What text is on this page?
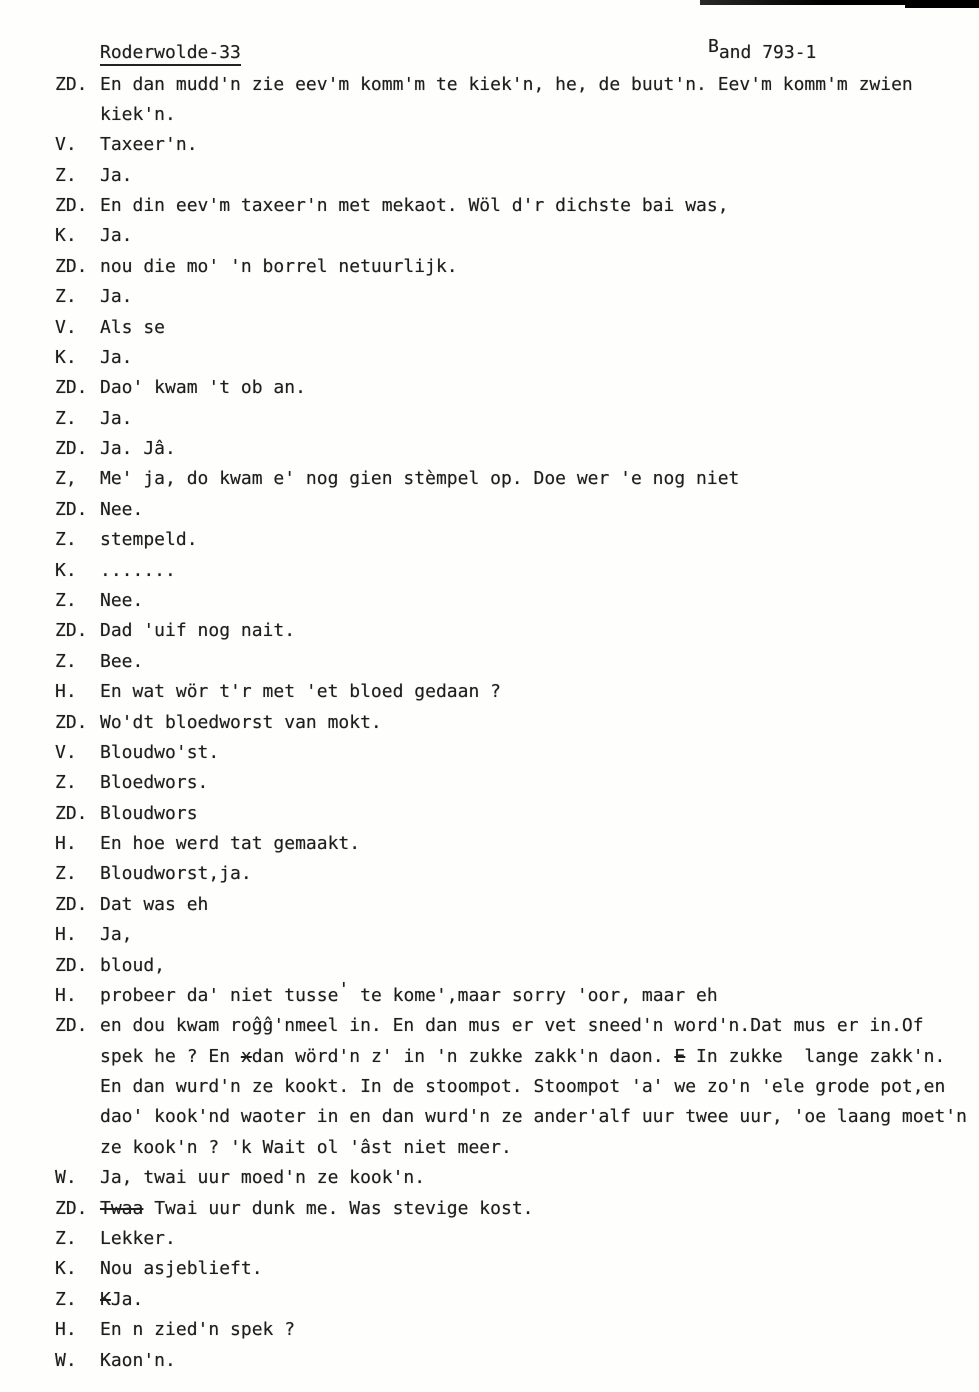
Roderwolde-33	Band 793-1
ZD. En dan mudd'n zie eev'm komm'm te kiek'n, he, de buut'n. Eev'm komm'm zwien
kiek'n.
V. Taxeer'n.
Z. Ja.
ZD. En din eev'm taxeer'n met mekaot. Wöl d'r dichste bai was,
K. Ja.
ZD. nou die mo' 'n borrel netuurlijk.
Z. Ja.
V. Als se
K. Ja.
ZD. Dao' kwam 't ob an.
Z. Ja.
ZD. Ja. Jâ.
Z, Me' ja, do kwam e' nog gien stèmpel op. Doe wer 'e nog niet
ZD. Nee.
Z. stempeld.
K. .......
Z. Nee.
ZD. Dad 'uif nog nait.
Z. Bee.
H. En wat wör t'r met 'et bloed gedaan ?
ZD. Wo'dt bloedworst van mokt.
V. Bloudwo'st.
Z. Bloedwors.
ZD. Bloudwors
H. En hoe werd tat gemaakt.
Z. Bloudworst,ja.
ZD. Dat was eh
H. Ja,
ZD. bloud,
H. probeer da' niet tusse' te kome',maar sorry 'oor, maar eh
ZD. en dou kwam roĝĝ'nmeel in. En dan mus er vet sneed'n word'n.Dat mus er in.Of
spek he ? En xdan wörd'n z' in 'n zukke zakk'n daon. E In zukke  lange zakk'n.
En dan wurd'n ze kookt. In de stoompot. Stoompot 'a' we zo'n 'ele grode pot,en
dao' kook'nd waoter in en dan wurd'n ze ander'alf uur twee uur, 'oe laang moet'n
ze kook'n ? 'k Wait ol 'âst niet meer.
W. Ja, twai uur moed'n ze kook'n.
ZD. Twaa Twai uur dunk me. Was stevige kost.
Z. Lekker.
K. Nou asjeblieft.
Z. KJa.
H. En n zied'n spek ?
W. Kaon'n.
